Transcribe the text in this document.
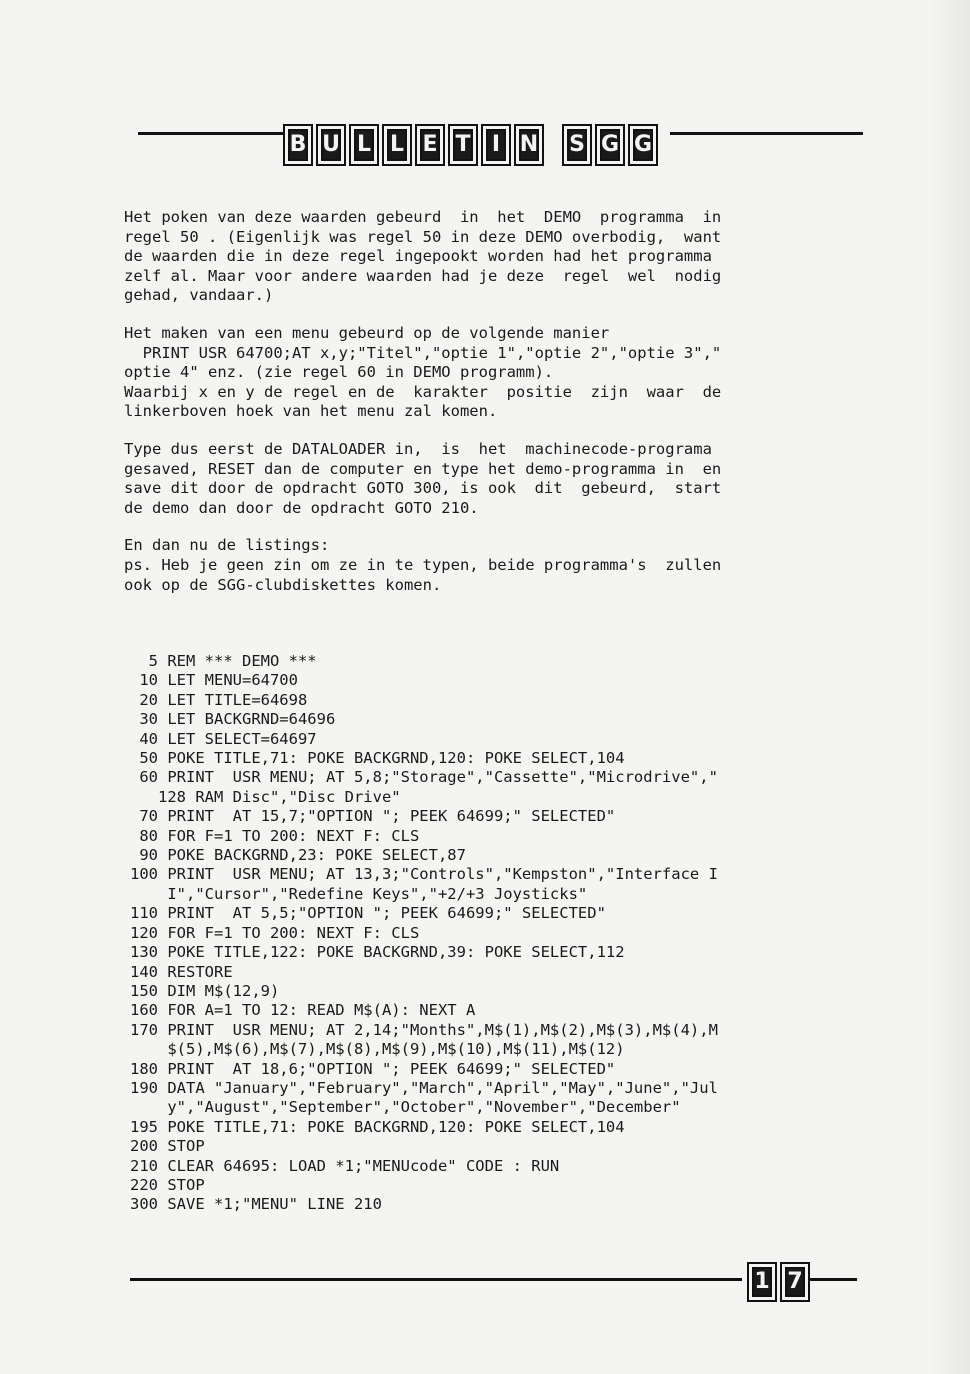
B U L L E T I N S G G
Het poken van deze waarden gebeurd  in  het  DEMO  programma  in
regel 50 . (Eigenlijk was regel 50 in deze DEMO overbodig,  want
de waarden die in deze regel ingepookt worden had het programma
zelf al. Maar voor andere waarden had je deze  regel  wel  nodig
gehad, vandaar.)
Het maken van een menu gebeurd op de volgende manier
PRINT USR 64700;AT x,y;"Titel","optie 1","optie 2","optie 3","
optie 4" enz. (zie regel 60 in DEMO programm).
Waarbij x en y de regel en de  karakter  positie  zijn  waar  de
linkerboven hoek van het menu zal komen.
Type dus eerst de DATALOADER in,  is  het  machinecode-programa
gesaved, RESET dan de computer en type het demo-programma in  en
save dit door de opdracht GOTO 300, is ook  dit  gebeurd,  start
de demo dan door de opdracht GOTO 210.
En dan nu de listings:
ps. Heb je geen zin om ze in te typen, beide programma's  zullen
ook op de SGG-clubdiskettes komen.
5 REM *** DEMO ***
10 LET MENU=64700
20 LET TITLE=64698
30 LET BACKGRND=64696
40 LET SELECT=64697
50 POKE TITLE,71: POKE BACKGRND,120: POKE SELECT,104
60 PRINT  USR MENU; AT 5,8;"Storage","Cassette","Microdrive","
128 RAM Disc","Disc Drive"
70 PRINT  AT 15,7;"OPTION "; PEEK 64699;" SELECTED"
80 FOR F=1 TO 200: NEXT F: CLS
90 POKE BACKGRND,23: POKE SELECT,87
100 PRINT  USR MENU; AT 13,3;"Controls","Kempston","Interface I
I","Cursor","Redefine Keys","+2/+3 Joysticks"
110 PRINT  AT 5,5;"OPTION "; PEEK 64699;" SELECTED"
120 FOR F=1 TO 200: NEXT F: CLS
130 POKE TITLE,122: POKE BACKGRND,39: POKE SELECT,112
140 RESTORE
150 DIM M$(12,9)
160 FOR A=1 TO 12: READ M$(A): NEXT A
170 PRINT  USR MENU; AT 2,14;"Months",M$(1),M$(2),M$(3),M$(4),M
$(5),M$(6),M$(7),M$(8),M$(9),M$(10),M$(11),M$(12)
180 PRINT  AT 18,6;"OPTION "; PEEK 64699;" SELECTED"
190 DATA "January","February","March","April","May","June","Jul
y","August","September","October","November","December"
195 POKE TITLE,71: POKE BACKGRND,120: POKE SELECT,104
200 STOP
210 CLEAR 64695: LOAD *1;"MENUcode" CODE : RUN
220 STOP
300 SAVE *1;"MENU" LINE 210
1 7
